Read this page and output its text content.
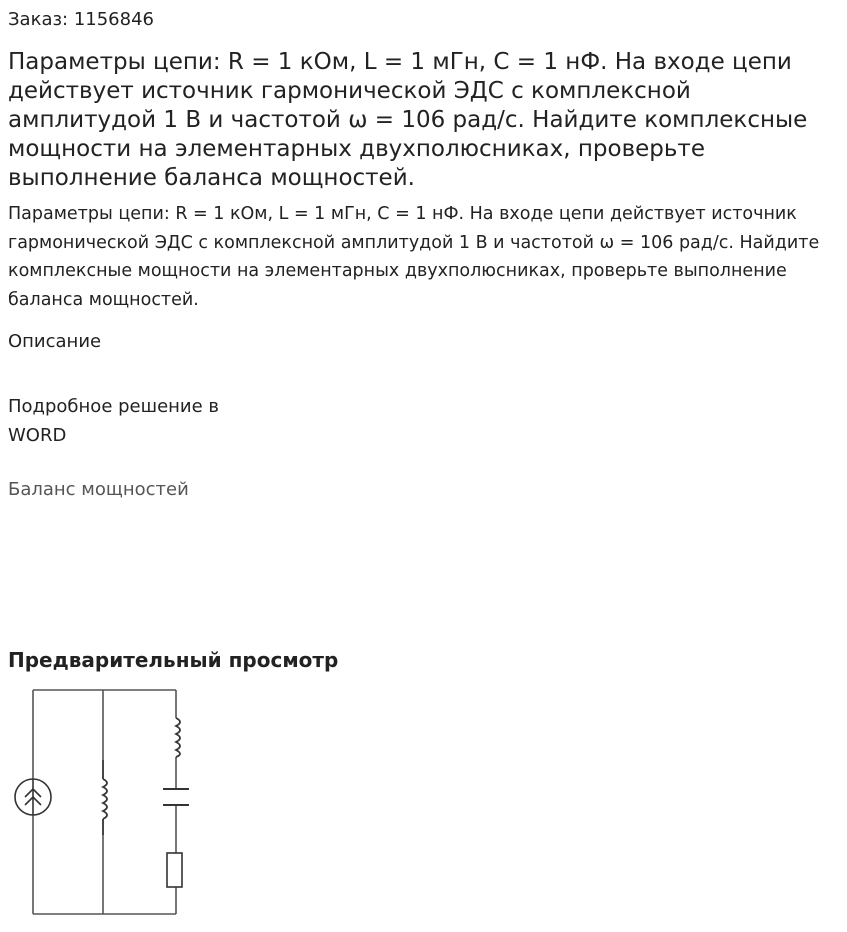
Заказ: 1156846
Параметры цепи: R = 1 кОм, L = 1 мГн, С = 1 нФ. На входе цепи действует источник гармонической ЭДС с комплексной амплитудой 1 В и частотой ω = 106 рад/с. Найдите комплексные мощности на элементарных двухполюсниках, проверьте выполнение баланса мощностей.

Параметры цепи: R = 1 кОм, L = 1 мГн, С = 1 нФ. На входе цепи действует источник гармонической ЭДС с комплексной амплитудой 1 В и частотой ω = 106 рад/с. Найдите комплексные мощности на элементарных двухполюсниках, проверьте выполнение баланса мощностей.

Описание
Подробное решение в WORD
Баланс мощностей
Предварительный просмотр
